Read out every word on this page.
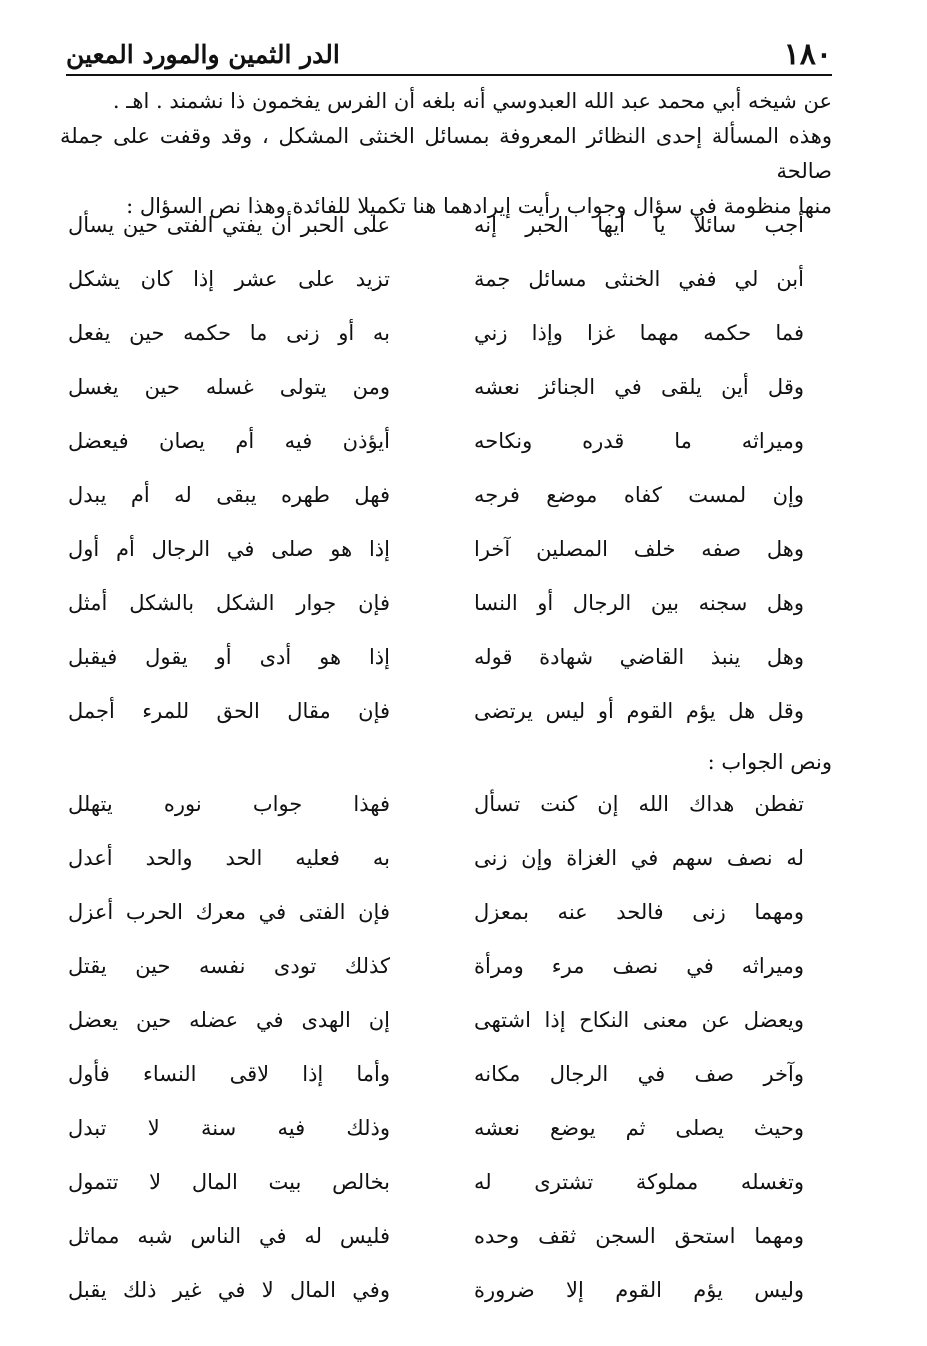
١٨٠
الدر الثمين والمورد المعين

عن شيخه أبي محمد عبد الله العبدوسي أنه بلغه أن الفرس يفخمون ذا نشمند . اهـ .

وهذه المسألة إحدى النظائر المعروفة بمسائل الخنثى المشكل ، وقد وقفت على جملة صالحة

منها منظومة في سؤال وجواب رأيت إيرادهما هنا تكميلا للفائدة وهذا نص السؤال :

أجب سائلا يا أيها الحبر إنه
على الحبر أن يفتي الفتى حين يسأل
أبن لي ففي الخنثى مسائل جمة
تزيد على عشر إذا كان يشكل
فما حكمه مهما غزا وإذا زني
به أو زنى ما حكمه حين يفعل
وقل أين يلقى في الجنائز نعشه
ومن يتولى غسله حين يغسل
وميراثه ما قدره ونكاحه
أيؤذن فيه أم يصان فيعضل
وإن لمست كفاه موضع فرجه
فهل طهره يبقى له أم يبدل
وهل صفه خلف المصلين آخرا
إذا هو صلى في الرجال أم أول
وهل سجنه بين الرجال أو النسا
فإن جوار الشكل بالشكل أمثل
وهل ينبذ القاضي شهادة قوله
إذا هو أدى أو يقول فيقبل
وقل هل يؤم القوم أو ليس يرتضى
فإن مقال الحق للمرء أجمل
ونص الجواب :
تفطن هداك الله إن كنت تسأل
فهذا جواب نوره يتهلل
له نصف سهم في الغزاة وإن زنى
به فعليه الحد والحد أعدل
ومهما زنى فالحد عنه بمعزل
فإن الفتى في معرك الحرب أعزل
وميراثه في نصف مرء ومرأة
كذلك تودى نفسه حين يقتل
ويعضل عن معنى النكاح إذا اشتهى
إن الهدى في عضله حين يعضل
وآخر صف في الرجال مكانه
وأما إذا لاقى النساء فأول
وحيث يصلى ثم يوضع نعشه
وذلك فيه سنة لا تبدل
وتغسله مملوكة تشترى له
بخالص بيت المال لا تتمول
ومهما استحق السجن ثقف وحده
فليس له في الناس شبه مماثل
وليس يؤم القوم إلا ضرورة
وفي المال لا في غير ذلك يقبل
